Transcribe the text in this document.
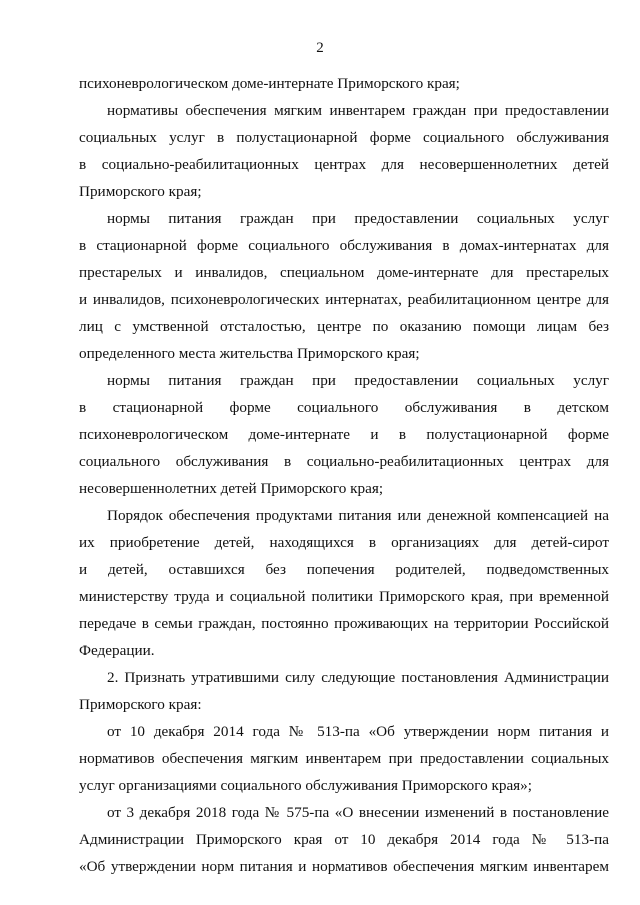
2
психоневрологическом доме-интернате Приморского края;
нормативы обеспечения мягким инвентарем граждан при предоставлении
социальных услуг в полустационарной форме социального обслуживания
в социально-реабилитационных центрах для несовершеннолетних детей
Приморского края;
нормы питания граждан при предоставлении социальных услуг
в стационарной форме социального обслуживания в домах-интернатах для
престарелых и инвалидов, специальном доме-интернате для престарелых
и инвалидов, психоневрологических интернатах, реабилитационном центре для
лиц с умственной отсталостью, центре по оказанию помощи лицам без
определенного места жительства Приморского края;
нормы питания граждан при предоставлении социальных услуг
в стационарной форме социального обслуживания в детском
психоневрологическом доме-интернате и в полустационарной форме
социального обслуживания в социально-реабилитационных центрах для
несовершеннолетних детей Приморского края;
Порядок обеспечения продуктами питания или денежной компенсацией на
их приобретение детей, находящихся в организациях для детей-сирот
и детей, оставшихся без попечения родителей, подведомственных
министерству труда и социальной политики Приморского края, при временной
передаче в семьи граждан, постоянно проживающих на территории Российской
Федерации.
2. Признать утратившими силу следующие постановления Администрации
Приморского края:
от 10 декабря 2014 года № 513-па «Об утверждении норм питания и
нормативов обеспечения мягким инвентарем при предоставлении социальных
услуг организациями социального обслуживания Приморского края»;
от 3 декабря 2018 года № 575-па «О внесении изменений в постановление
Администрации Приморского края от 10 декабря 2014 года № 513-па
«Об утверждении норм питания и нормативов обеспечения мягким инвентарем
